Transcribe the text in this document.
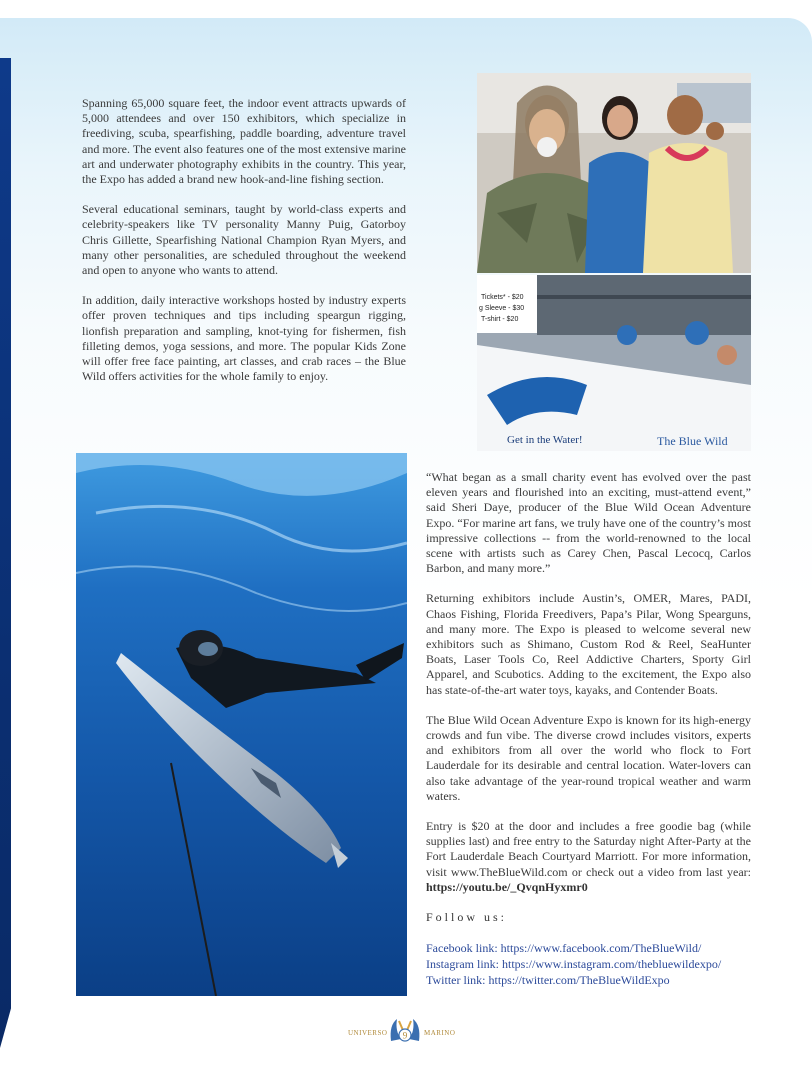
Spanning 65,000 square feet, the indoor event attracts upwards of 5,000 attendees and over 150 exhibitors, which specialize in freediving, scuba, spearfishing, paddle boarding, adventure travel and more. The event also features one of the most extensive marine art and underwater photography exhibits in the country. This year, the Expo has added a brand new hook-and-line fishing section.

Several educational seminars, taught by world-class experts and celebrity-speakers like TV personality Manny Puig, Gatorboy Chris Gillette, Spearfishing National Champion Ryan Myers, and many other personalities, are scheduled throughout the weekend and open to anyone who wants to attend.

In addition, daily interactive workshops hosted by industry experts offer proven techniques and tips including speargun rigging, lionfish preparation and sampling, knot-tying for fishermen, fish filleting demos, yoga sessions, and more. The popular Kids Zone will offer free face painting, art classes, and crab races – the Blue Wild offers activities for the whole family to enjoy.

Tickets* - $20
g Sleeve - $30
T-shirt - $20
Get in the Water!	The Blue Wild

“What began as a small charity event has evolved over the past eleven years and flourished into an exciting, must-attend event,” said Sheri Daye, producer of the Blue Wild Ocean Adventure Expo. “For marine art fans, we truly have one of the country’s most impressive collections -- from the world-renowned to the local scene with artists such as Carey Chen, Pascal Lecocq, Carlos Barbon, and many more.”

Returning exhibitors include Austin’s, OMER, Mares, PADI, Chaos Fishing, Florida Freedivers, Papa’s Pilar, Wong Spearguns, and many more. The Expo is pleased to welcome several new exhibitors such as Shimano, Custom Rod & Reel, SeaHunter Boats, Laser Tools Co, Reel Addictive Charters, Sporty Girl Apparel, and Scubotics. Adding to the excitement, the Expo also has state-of-the-art water toys, kayaks, and Contender Boats.

The Blue Wild Ocean Adventure Expo is known for its high-energy crowds and fun vibe. The diverse crowd includes visitors, experts and exhibitors from all over the world who flock to Fort Lauderdale for its desirable and central location. Water-lovers can also take advantage of the year-round tropical weather and warm waters.

Entry is $20 at the door and includes a free goodie bag (while supplies last) and free entry to the Saturday night After-Party at the Fort Lauderdale Beach Courtyard Marriott. For more information, visit www.TheBlueWild.com or check out a video from last year: https://youtu.be/_QvqnHyxmr0

Follow us:

Facebook link: https://www.facebook.com/TheBlueWild/
Instagram link: https://www.instagram.com/thebluewildexpo/
Twitter link: https://twitter.com/TheBlueWildExpo
UNIVERSO 9 MARINO
